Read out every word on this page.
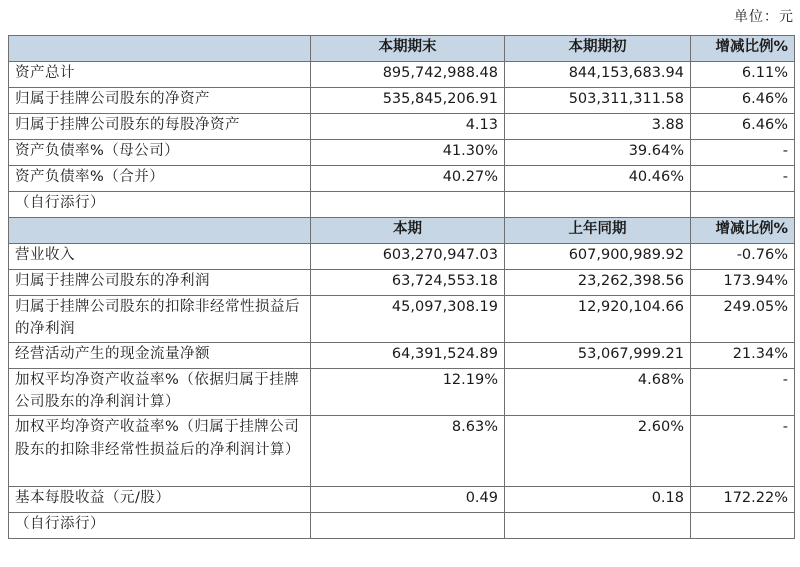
单位：元
	本期期末	本期期初	增减比例%
资产总计	895,742,988.48	844,153,683.94	6.11%
归属于挂牌公司股东的净资产	535,845,206.91	503,311,311.58	6.46%
归属于挂牌公司股东的每股净资产	4.13	3.88	6.46%
资产负债率%（母公司）	41.30%	39.64%	-
资产负债率%（合并）	40.27%	40.46%	-
（自行添行）			
	本期	上年同期	增减比例%
营业收入	603,270,947.03	607,900,989.92	-0.76%
归属于挂牌公司股东的净利润	63,724,553.18	23,262,398.56	173.94%
归属于挂牌公司股东的扣除非经常性损益后的净利润	45,097,308.19	12,920,104.66	249.05%
经营活动产生的现金流量净额	64,391,524.89	53,067,999.21	21.34%
加权平均净资产收益率%（依据归属于挂牌公司股东的净利润计算）	12.19%	4.68%	-
加权平均净资产收益率%（归属于挂牌公司股东的扣除非经常性损益后的净利润计算）	8.63%	2.60%	-
基本每股收益（元/股）	0.49	0.18	172.22%
（自行添行）			
